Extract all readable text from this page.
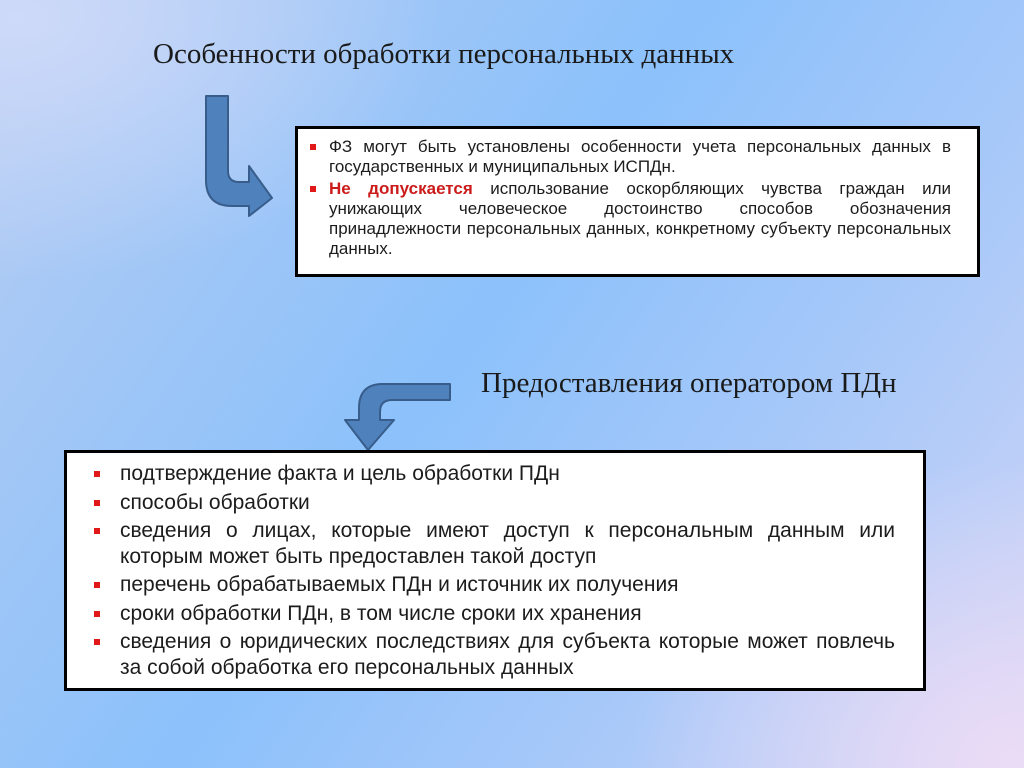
Особенности обработки персональных данных
ФЗ могут быть установлены особенности учета персональных данных в государственных и муниципальных ИСПДн.
Не допускается использование оскорбляющих чувства граждан или унижающих человеческое достоинство способов обозначения принадлежности персональных данных, конкретному субъекту персональных данных.
Предоставления оператором ПДн
подтверждение факта и цель обработки ПДн
способы обработки
сведения о лицах, которые имеют доступ к персональным данным или которым может быть предоставлен такой доступ
перечень обрабатываемых ПДн и источник их получения
сроки обработки ПДн, в том числе сроки их хранения
сведения о юридических последствиях для субъекта которые может повлечь за собой обработка его персональных данных
